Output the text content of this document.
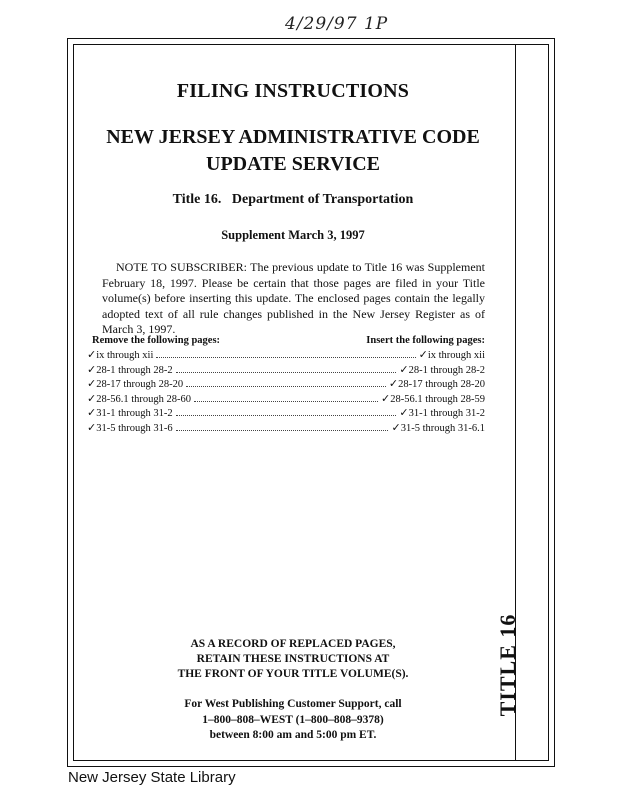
4/29/97 1P
TITLE 16
FILING INSTRUCTIONS
NEW JERSEY ADMINISTRATIVE CODE
UPDATE SERVICE
Title 16.   Department of Transportation
Supplement March 3, 1997
NOTE TO SUBSCRIBER: The previous update to Title 16 was Supplement February 18, 1997. Please be certain that those pages are filed in your Title volume(s) before inserting this update. The enclosed pages contain the legally adopted text of all rule changes published in the New Jersey Register as of March 3, 1997.
Remove the following pages:	Insert the following pages:
✓ ix through xii	✓ ix through xii
✓ 28-1 through 28-2	✓ 28-1 through 28-2
✓ 28-17 through 28-20	✓ 28-17 through 28-20
✓ 28-56.1 through 28-60	✓ 28-56.1 through 28-59
✓ 31-1 through 31-2	✓ 31-1 through 31-2
✓ 31-5 through 31-6	✓ 31-5 through 31-6.1
AS A RECORD OF REPLACED PAGES,
RETAIN THESE INSTRUCTIONS AT
THE FRONT OF YOUR TITLE VOLUME(S).
For West Publishing Customer Support, call
1–800–808–WEST (1–800–808–9378)
between 8:00 am and 5:00 pm ET.
New Jersey State Library
